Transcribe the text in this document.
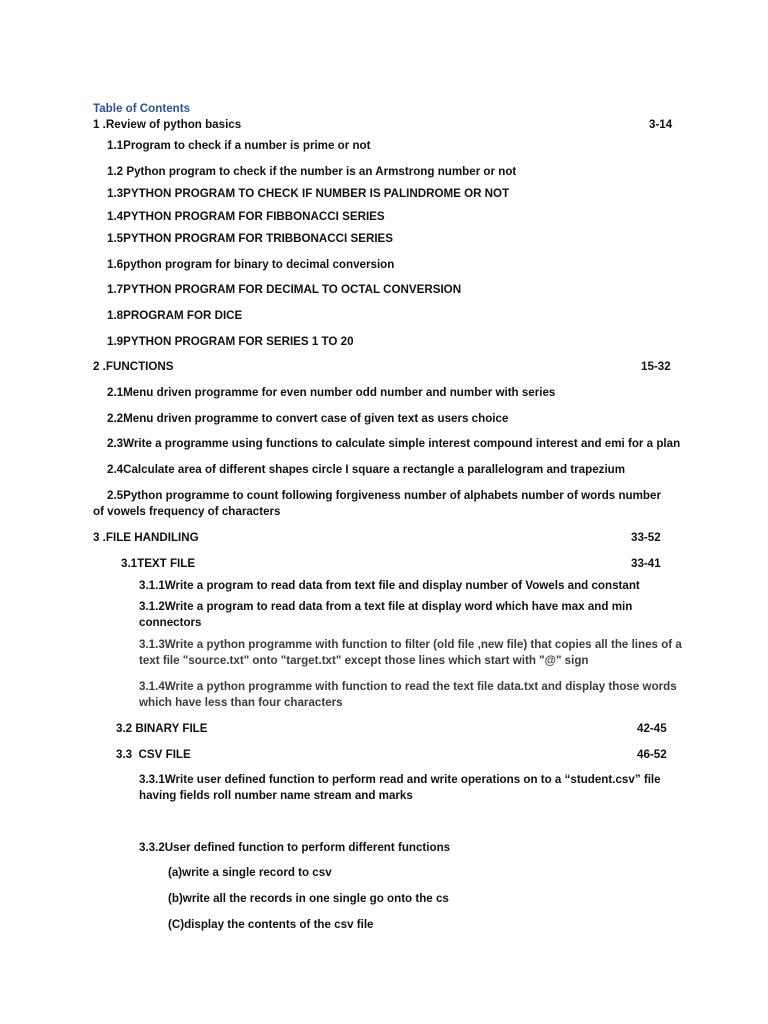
Table of Contents
1 .Review of python basics	3-14
1.1Program to check if a number is prime or not
1.2 Python program to check if the number is an Armstrong number or not
1.3PYTHON PROGRAM TO CHECK IF NUMBER IS PALINDROME OR NOT
1.4PYTHON PROGRAM FOR FIBBONACCI SERIES
1.5PYTHON PROGRAM FOR TRIBBONACCI SERIES
1.6python program for binary to decimal conversion
1.7PYTHON PROGRAM FOR DECIMAL TO OCTAL CONVERSION
1.8PROGRAM FOR DICE
1.9PYTHON PROGRAM FOR SERIES 1 TO 20
2 .FUNCTIONS	15-32
2.1Menu driven programme for even number odd number and number with series
2.2Menu driven programme to convert case of given text as users choice
2.3Write a programme using functions to calculate simple interest compound interest and emi for a plan
2.4Calculate area of different shapes circle I square a rectangle a parallelogram and trapezium
2.5Python programme to count following forgiveness number of alphabets number of words number of vowels frequency of characters
3 .FILE HANDILING	33-52
3.1TEXT FILE	33-41
3.1.1Write a program to read data from text file and display number of Vowels and constant
3.1.2Write a program to read data from a text file at display word which have max and min connectors
3.1.3Write a python programme with function to filter (old file ,new file) that copies all the lines of a text file "source.txt" onto "target.txt" except those lines which start with "@" sign
3.1.4Write a python programme with function to read the text file data.txt and display those words which have less than four characters
3.2 BINARY FILE	42-45
3.3  CSV FILE	46-52
3.3.1Write user defined function to perform read and write operations on to a “student.csv” file having fields roll number name stream and marks
3.3.2User defined function to perform different functions
(a)write a single record to csv
(b)write all the records in one single go onto the cs
(C)display the contents of the csv file
